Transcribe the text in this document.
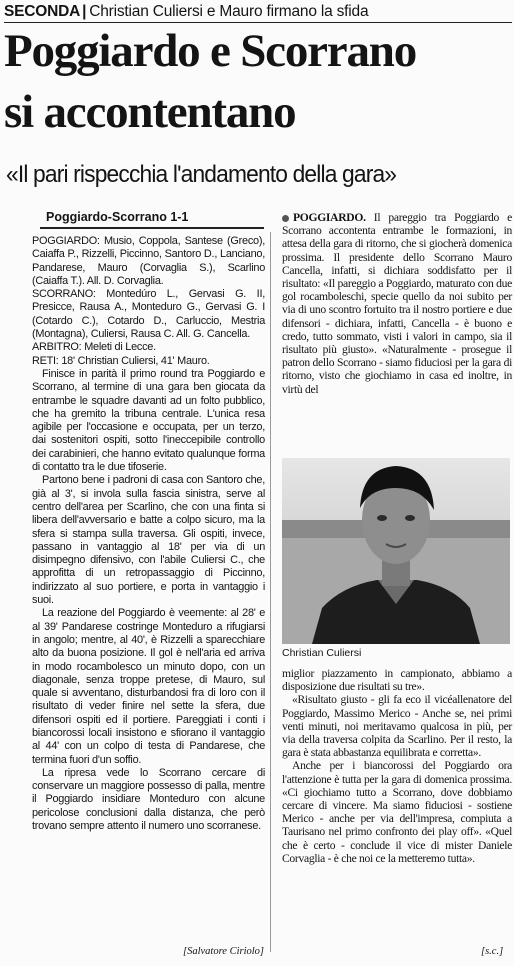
SECONDA | Christian Culiersi e Mauro firmano la sfida
Poggiardo e Scorrano
si accontentano
«Il pari rispecchia l'andamento della gara»
Poggiardo-Scorrano 1-1

POGGIARDO: Musio, Coppola, Santese (Greco), Caiaffa P., Rizzelli, Piccinno, Santoro D., Lanciano, Pandarese, Mauro (Corvaglia S.), Scarlino (Caiaffa T.). All. D. Corvaglia.

SCORRANO: Montedúro L., Gervasi G. II, Presicce, Rausa A., Monteduro G., Gervasi G. I (Cotardo C.), Cotardo D., Carluccio, Mestria (Montagna), Culiersi, Rausa C. All. G. Cancella.

ARBITRO: Meleti di Lecce.

RETI: 18' Christian Culiersi, 41' Mauro.

Finisce in parità il primo round tra Poggiardo e Scorrano, al termine di una gara ben giocata da entrambe le squadre davanti ad un folto pubblico, che ha gremito la tribuna centrale. L'unica resa agibile per l'occasione e occupata, per un terzo, dai sostenitori ospiti, sotto l'ineccepibile controllo dei carabinieri, che hanno evitato qualunque forma di contatto tra le due tifoserie.

Partono bene i padroni di casa con Santoro che, già al 3', si invola sulla fascia sinistra, serve al centro dell'area per Scarlino, che con una finta si libera dell'avversario e batte a colpo sicuro, ma la sfera si stampa sulla traversa. Gli ospiti, invece, passano in vantaggio al 18' per via di un disimpegno difensivo, con l'abile Culiersi C., che approfitta di un retropassaggio di Piccinno, indirizzato al suo portiere, e porta in vantaggio i suoi.

La reazione del Poggiardo è veemente: al 28' e al 39' Pandarese costringe Monteduro a rifugiarsi in angolo; mentre, al 40', è Rizzelli a sparecchiare alto da buona posizione. Il gol è nell'aria ed arriva in modo rocambolesco un minuto dopo, con un diagonale, senza troppe pretese, di Mauro, sul quale si avventano, disturbandosi fra di loro con il risultato di veder finire nel sette la sfera, due difensori ospiti ed il portiere. Pareggiati i conti i biancorossi locali insistono e sfiorano il vantaggio al 44' con un colpo di testa di Pandarese, che termina fuori d'un soffio.

La ripresa vede lo Scorrano cercare di conservare un maggiore possesso di palla, mentre il Poggiardo insidiare Monteduro con alcune pericolose conclusioni dalla distanza, che però trovano sempre attento il numero uno scorranese.

[Salvatore Ciriolo]

POGGIARDO. Il pareggio tra Poggiardo e Scorrano accontenta entrambe le formazioni, in attesa della gara di ritorno, che si giocherà domenica prossima. Il presidente dello Scorrano Mauro Cancella, infatti, si dichiara soddisfatto per il risultato: «Il pareggio a Poggiardo, maturato con due gol rocamboleschi, specie quello da noi subito per via di uno scontro fortuito tra il nostro portiere e due difensori - dichiara, infatti, Cancella - è buono e credo, tutto sommato, visti i valori in campo, sia il risultato più giusto». «Naturalmente - prosegue il patron dello Scorrano - siamo fiduciosi per la gara di ritorno, visto che giochiamo in casa ed inoltre, in virtù del

Christian Culiersi

miglior piazzamento in campionato, abbiamo a disposizione due risultati su tre».

«Risultato giusto - gli fa eco il vicéallenatore del Poggiardo, Massimo Merico - Anche se, nei primi venti minuti, noi meritavamo qualcosa in più, per via della traversa colpita da Scarlino. Per il resto, la gara è stata abbastanza equilibrata e corretta».

Anche per i biancorossi del Poggiardo ora l'attenzione è tutta per la gara di domenica prossima. «Ci giochiamo tutto a Scorrano, dove dobbiamo cercare di vincere. Ma siamo fiduciosi - sostiene Merico - anche per via dell'impresa, compiuta a Taurisano nel primo confronto dei play off». «Quel che è certo - conclude il vice di mister Daniele Corvaglia - è che noi ce la metteremo tutta».

[s.c.]
